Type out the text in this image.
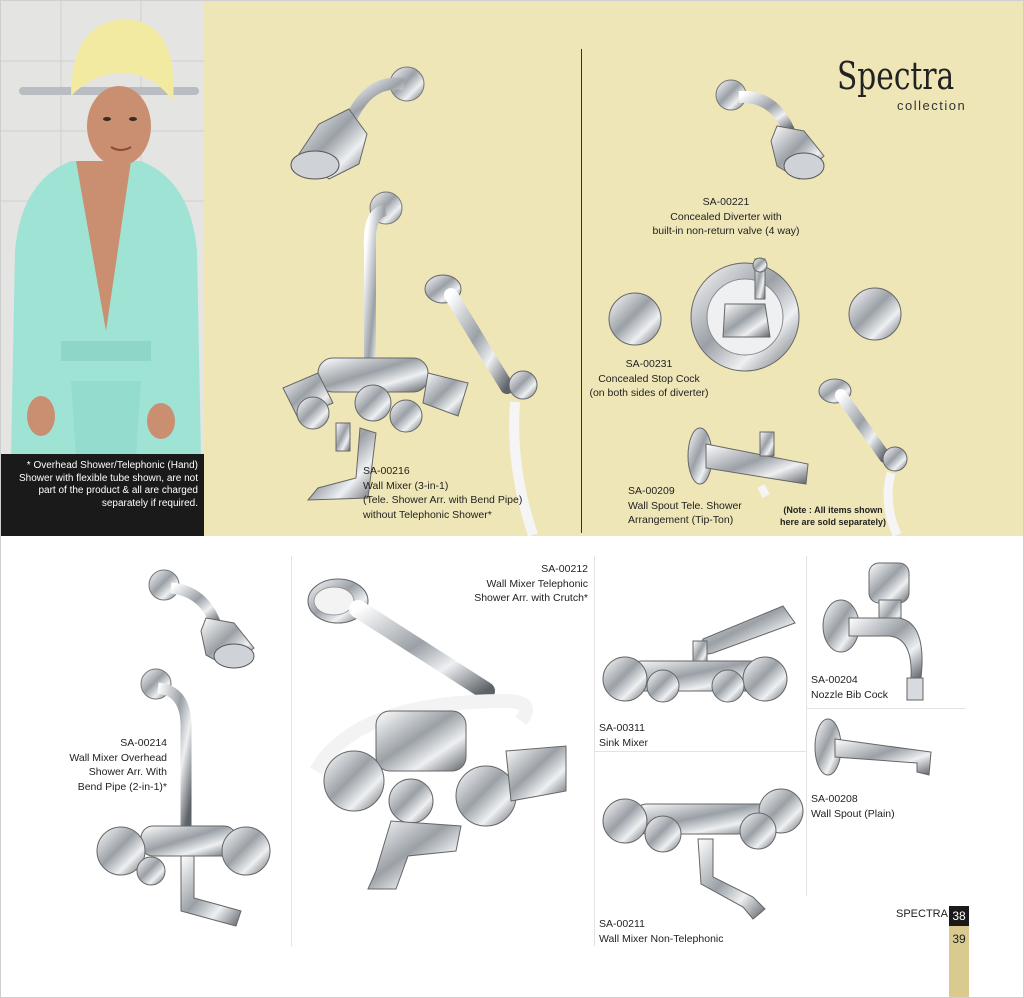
* Overhead Shower/Telephonic (Hand) Shower with flexible tube shown, are not part of the product & all are charged separately if required.
Spectra
collection
SA-00216
Wall Mixer (3-in-1)
(Tele. Shower Arr. with Bend Pipe)
without Telephonic Shower*
SA-00221
Concealed Diverter with
built-in non-return valve (4 way)
SA-00231
Concealed Stop Cock
(on both sides of diverter)
SA-00209
Wall Spout Tele. Shower
Arrangement (Tip-Ton)
(Note : All items shown
here are sold separately)
SA-00214
Wall Mixer Overhead
Shower Arr. With
Bend Pipe (2-in-1)*
SA-00212
Wall Mixer Telephonic
Shower Arr. with Crutch*
SA-00311
Sink Mixer
SA-00204
Nozzle Bib Cock
SA-00208
Wall Spout (Plain)
SA-00211
Wall Mixer Non-Telephonic
SPECTRA 38
39
